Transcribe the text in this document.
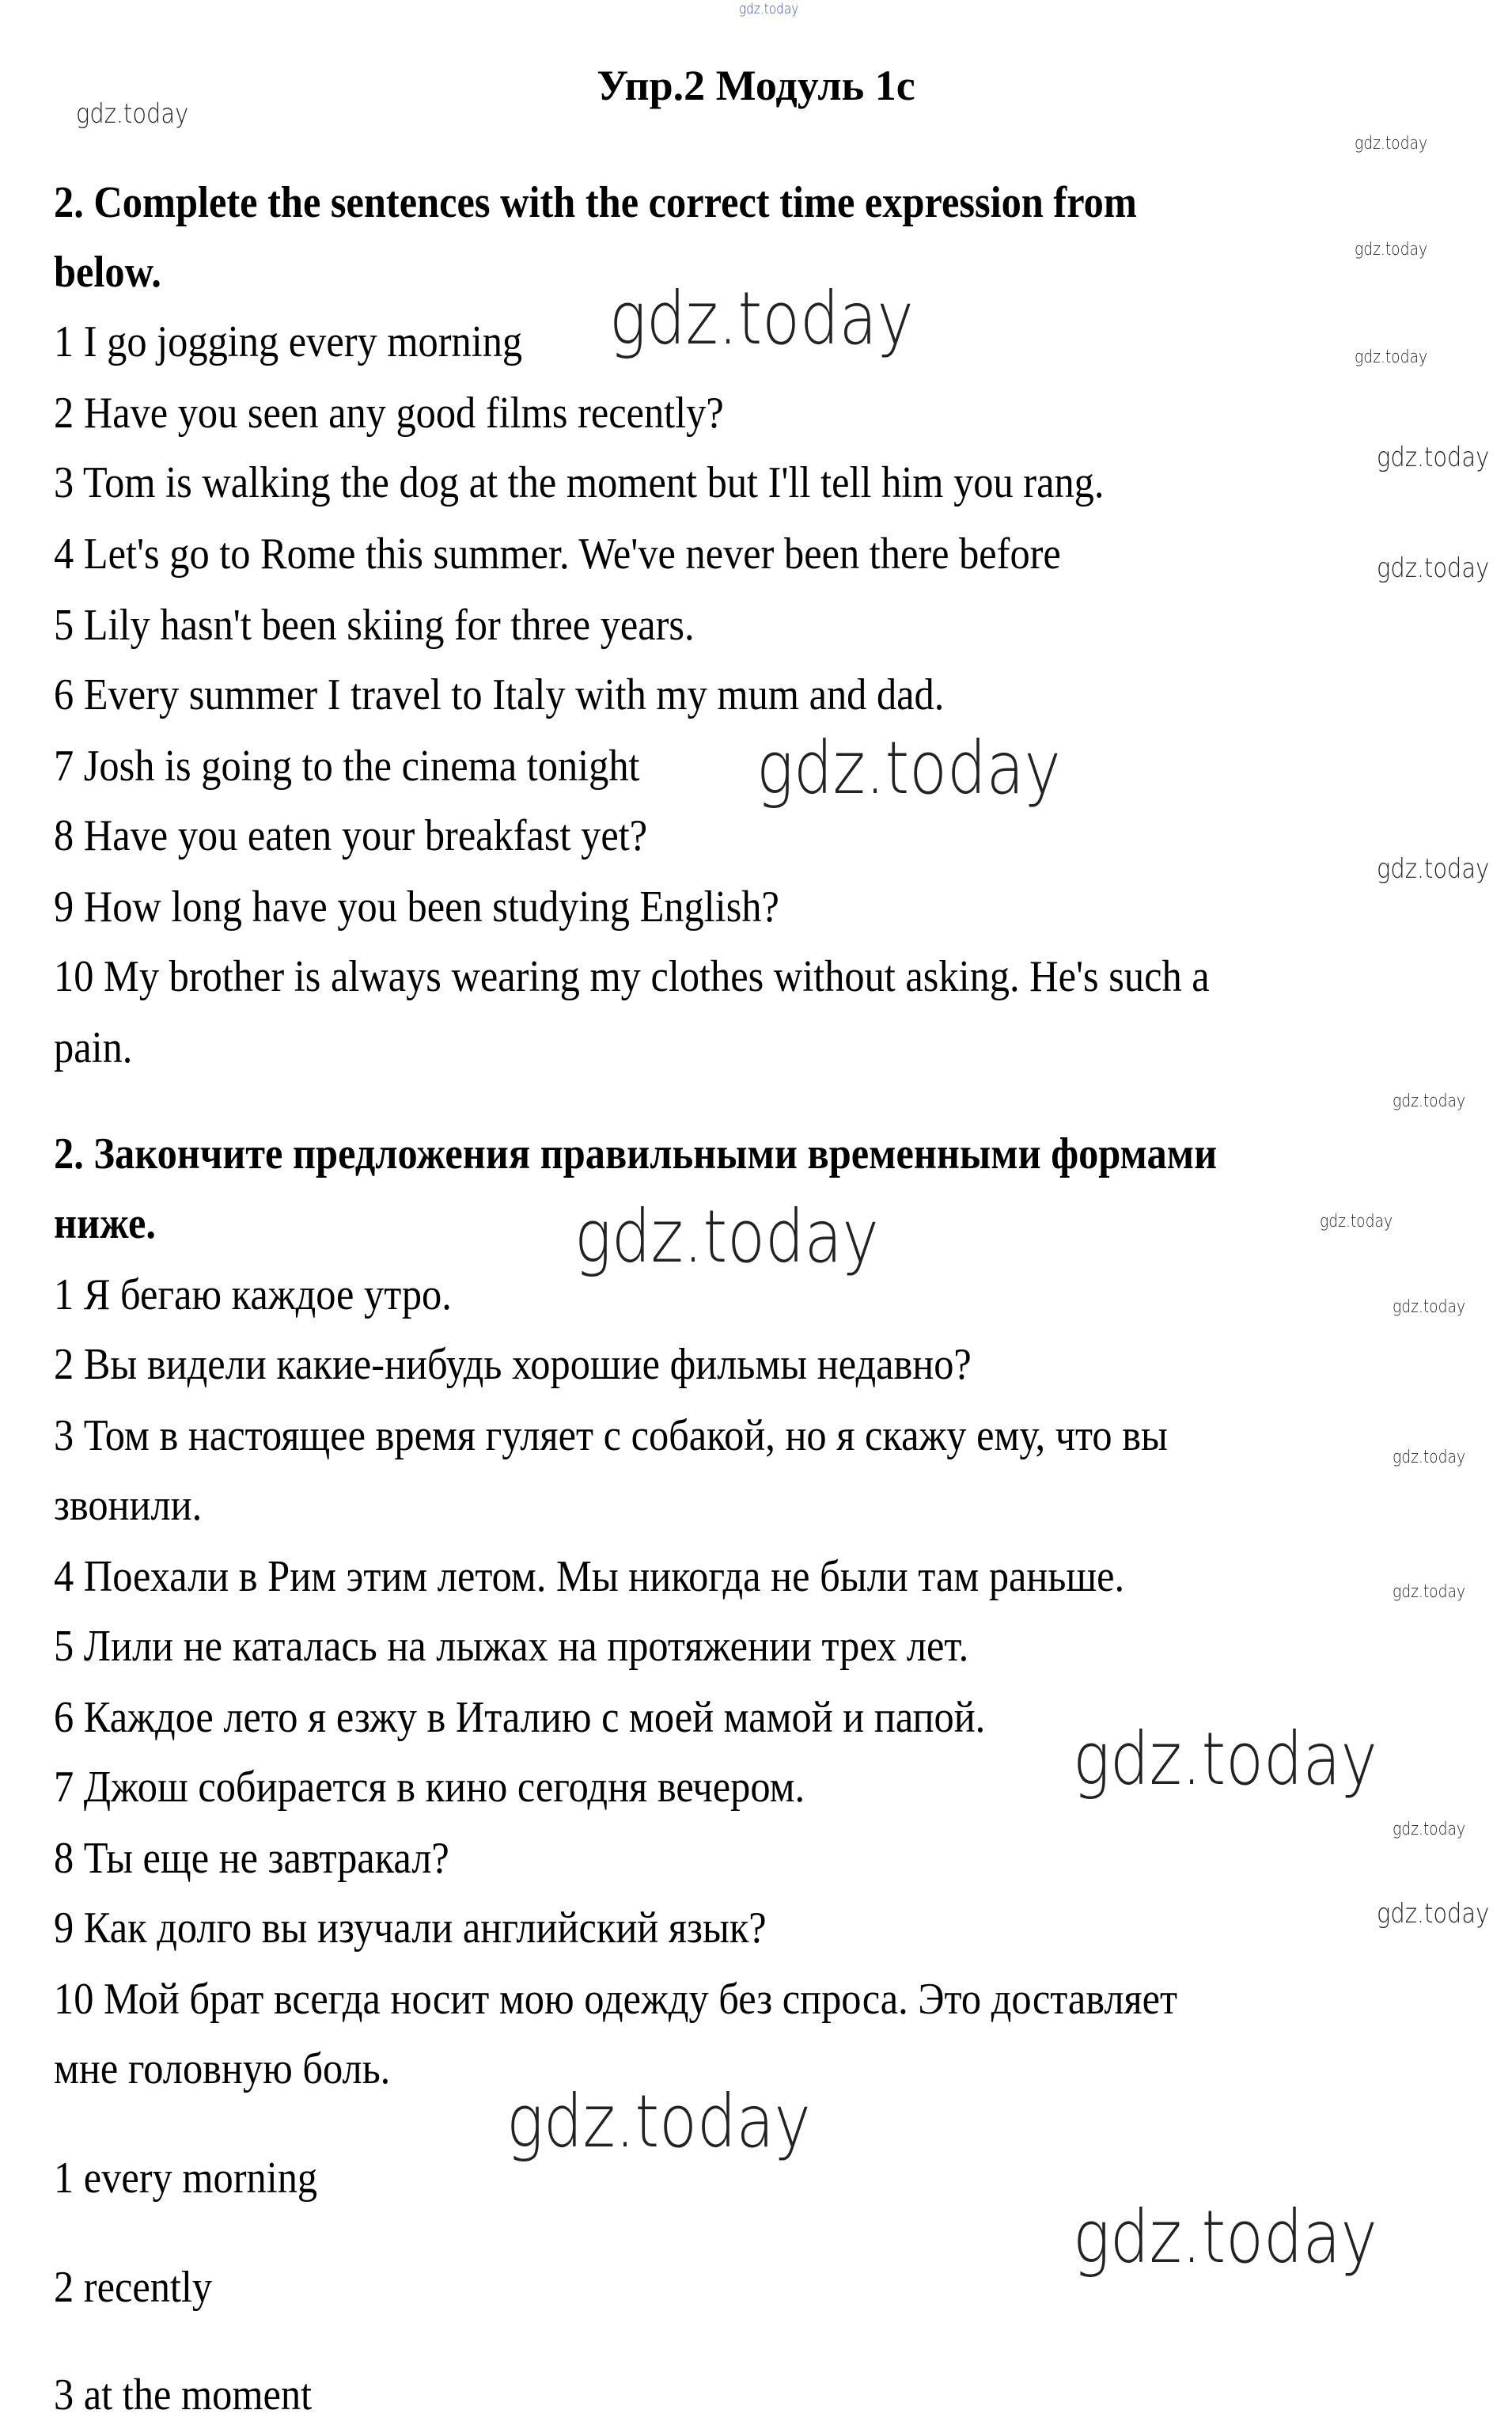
gdz.today
Упр.2 Модуль 1с
2. Complete the sentences with the correct time expression from
below.
1 I go jogging every morning
2 Have you seen any good films recently?
3 Tom is walking the dog at the moment but I'll tell him you rang.
4 Let's go to Rome this summer. We've never been there before
5 Lily hasn't been skiing for three years.
6 Every summer I travel to Italy with my mum and dad.
7 Josh is going to the cinema tonight
8 Have you eaten your breakfast yet?
9 How long have you been studying English?
10 My brother is always wearing my clothes without asking. He's such a
pain.
2. Закончите предложения правильными временными формами
ниже.
1 Я бегаю каждое утро.
2 Вы видели какие-нибудь хорошие фильмы недавно?
3 Том в настоящее время гуляет с собакой, но я скажу ему, что вы
звонили.
4 Поехали в Рим этим летом. Мы никогда не были там раньше.
5 Лили не каталась на лыжах на протяжении трех лет.
6 Каждое лето я езжу в Италию с моей мамой и папой.
7 Джош собирается в кино сегодня вечером.
8 Ты еще не завтракал?
9 Как долго вы изучали английский язык?
10 Мой брат всегда носит мою одежду без спроса. Это доставляет
мне головную боль.
1 every morning
2 recently
3 at the moment
gdz.today
gdz.today
gdz.today
gdz.today
gdz.today
gdz.today
gdz.today
gdz.today
gdz.today
gdz.today
gdz.today
gdz.today
gdz.today
gdz.today
gdz.today
gdz.today
gdz.today
gdz.today
gdz.today
gdz.today
